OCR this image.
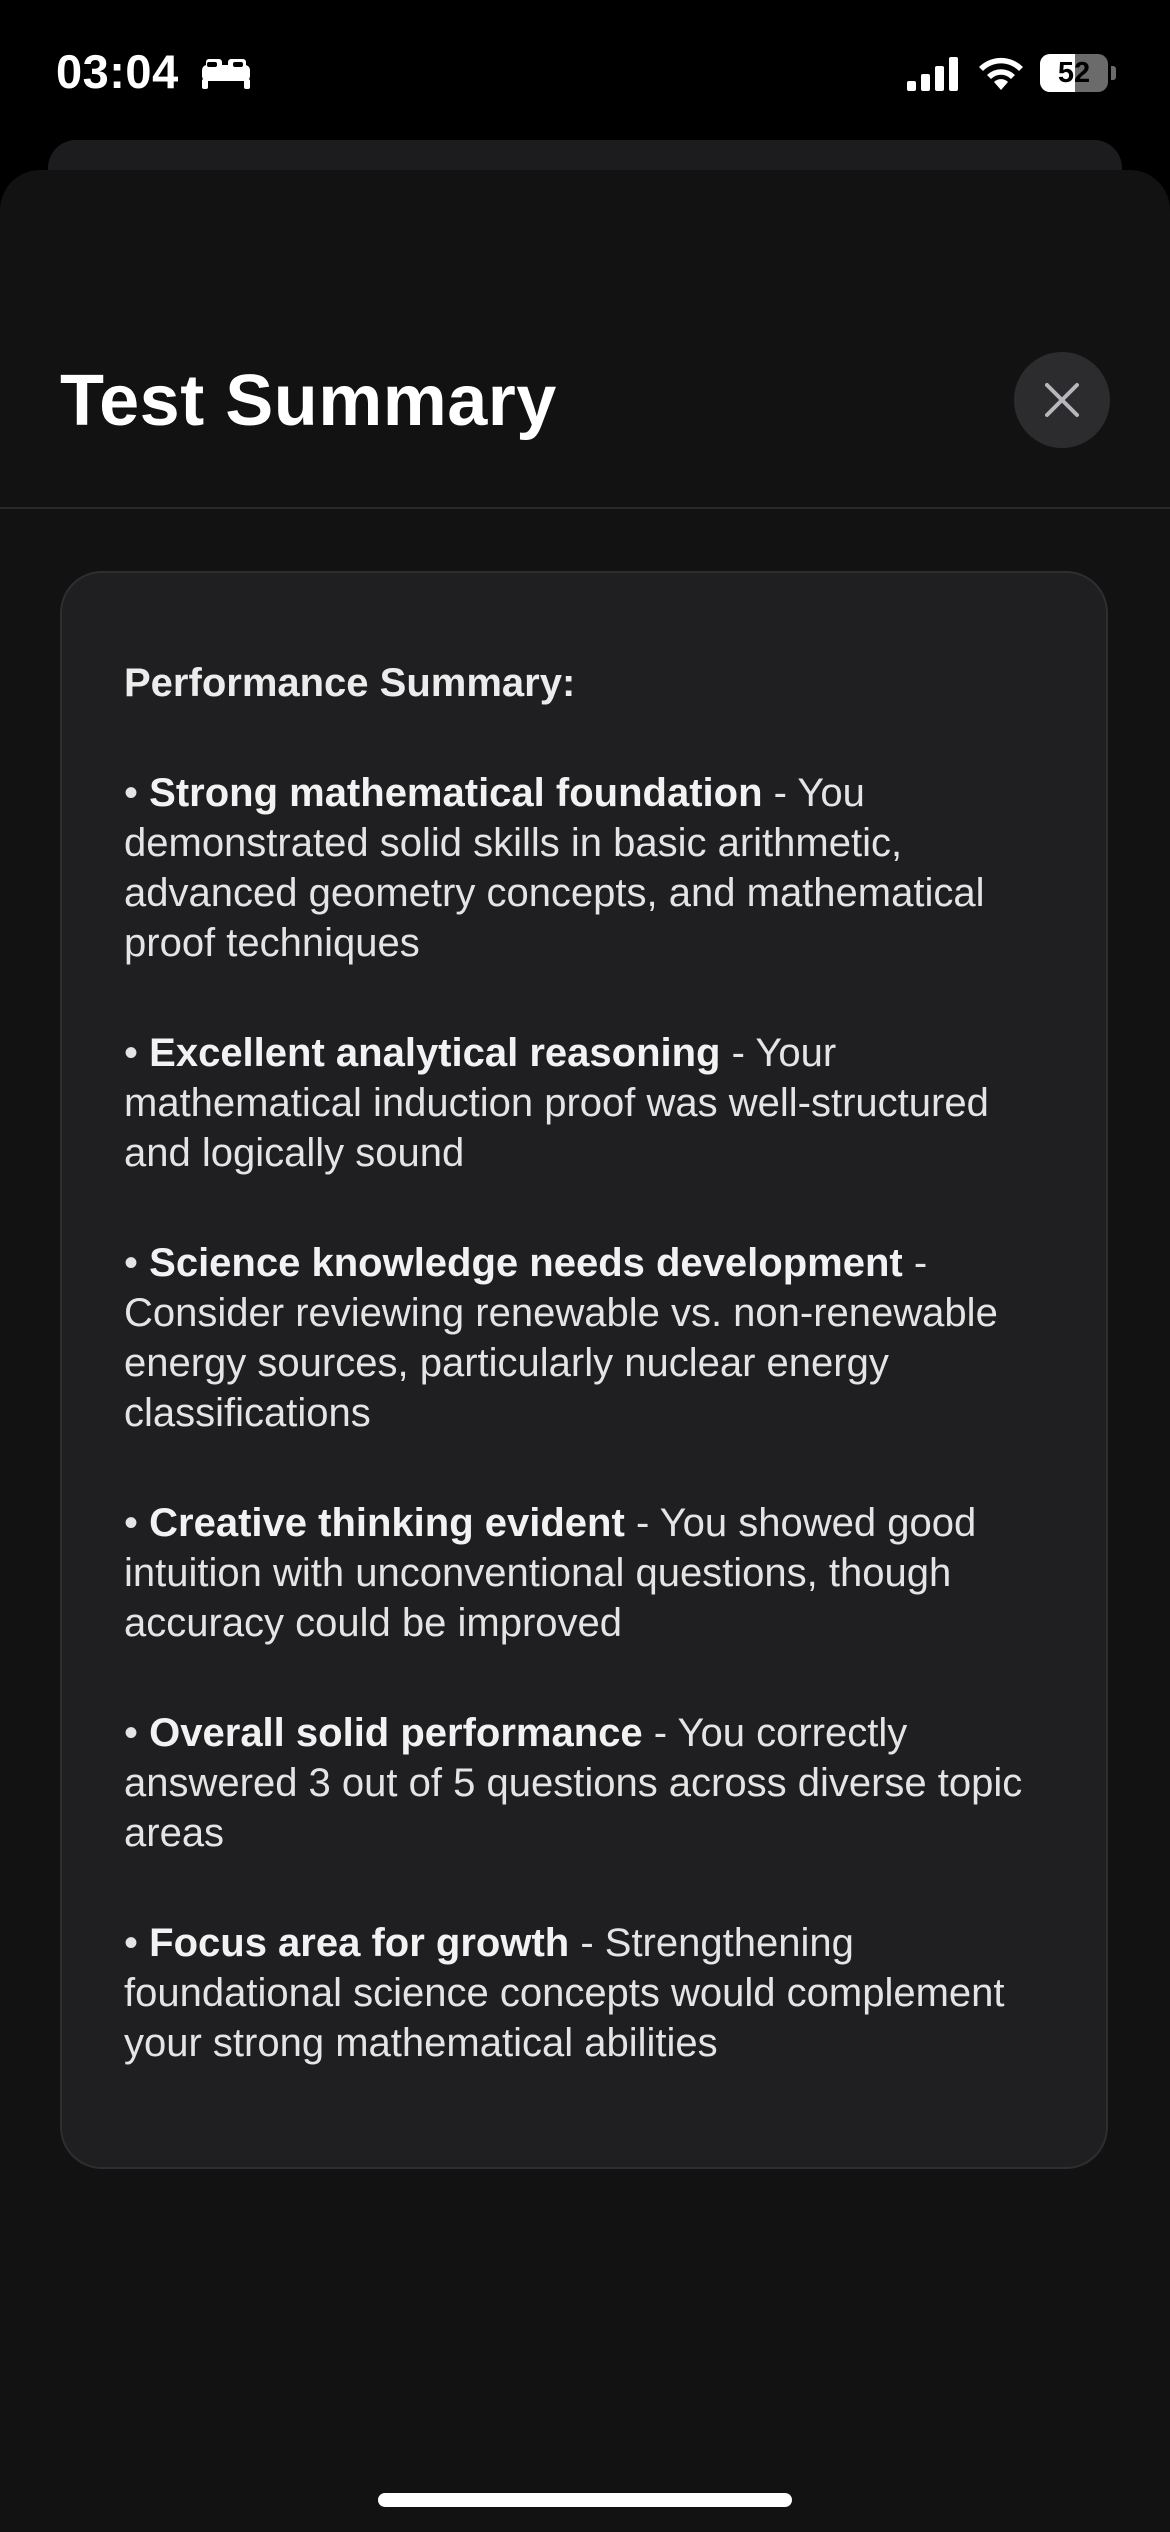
03:04	52
Test Summary
Performance Summary:
• Strong mathematical foundation - You demonstrated solid skills in basic arithmetic, advanced geometry concepts, and mathematical proof techniques
• Excellent analytical reasoning - Your mathematical induction proof was well-structured and logically sound
• Science knowledge needs development - Consider reviewing renewable vs. non-renewable energy sources, particularly nuclear energy classifications
• Creative thinking evident - You showed good intuition with unconventional questions, though accuracy could be improved
• Overall solid performance - You correctly answered 3 out of 5 questions across diverse topic areas
• Focus area for growth - Strengthening foundational science concepts would complement your strong mathematical abilities
